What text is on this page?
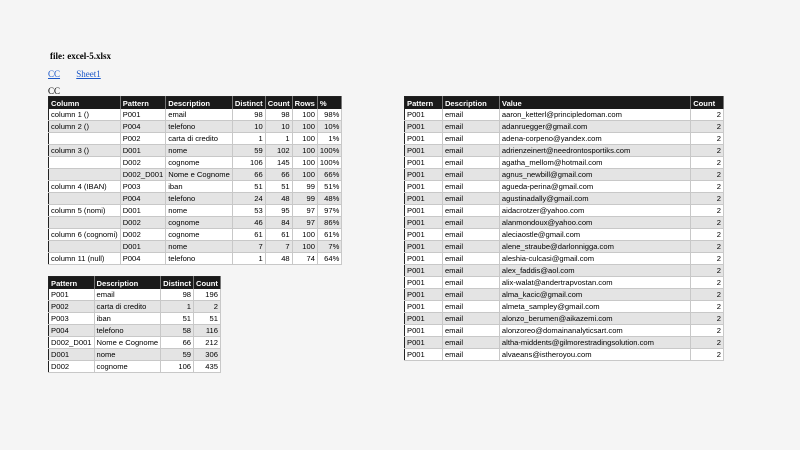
file: excel-5.xlsx
CC Sheet1
CC
Column	Pattern	Description	Distinct	Count	Rows	%
column 1 ()	P001	email	98	98	100	98%
column 2 ()	P004	telefono	10	10	100	10%
	P002	carta di credito	1	1	100	1%
column 3 ()	D001	nome	59	102	100	100%
	D002	cognome	106	145	100	100%
	D002_D001	Nome e Cognome	66	66	100	66%
column 4 (IBAN)	P003	iban	51	51	99	51%
	P004	telefono	24	48	99	48%
column 5 (nomi)	D001	nome	53	95	97	97%
	D002	cognome	46	84	97	86%
column 6 (cognomi)	D002	cognome	61	61	100	61%
	D001	nome	7	7	100	7%
column 11 (null)	P004	telefono	1	48	74	64%
Pattern	Description	Distinct	Count
P001	email	98	196
P002	carta di credito	1	2
P003	iban	51	51
P004	telefono	58	116
D002_D001	Nome e Cognome	66	212
D001	nome	59	306
D002	cognome	106	435
Pattern	Description	Value	Count
P001	email	aaron_ketterl@principledoman.com	2
P001	email	adanruegger@gmail.com	2
P001	email	adena-corpeno@yandex.com	2
P001	email	adrienzeinert@needrontosportiks.com	2
P001	email	agatha_mellom@hotmail.com	2
P001	email	agnus_newbill@gmail.com	2
P001	email	agueda-perina@gmail.com	2
P001	email	agustinadally@gmail.com	2
P001	email	aidacrotzer@yahoo.com	2
P001	email	alanmondoux@yahoo.com	2
P001	email	aleciaostle@gmail.com	2
P001	email	alene_straube@darlonnigga.com	2
P001	email	aleshia-culcasi@gmail.com	2
P001	email	alex_faddis@aol.com	2
P001	email	alix-walat@andertrapvostan.com	2
P001	email	alma_kacic@gmail.com	2
P001	email	almeta_sampley@gmail.com	2
P001	email	alonzo_berumen@aikazemi.com	2
P001	email	alonzoreo@domainanalyticsart.com	2
P001	email	altha-middents@gilmorestradingsolution.com	2
P001	email	alvaeans@istheroyou.com	2
